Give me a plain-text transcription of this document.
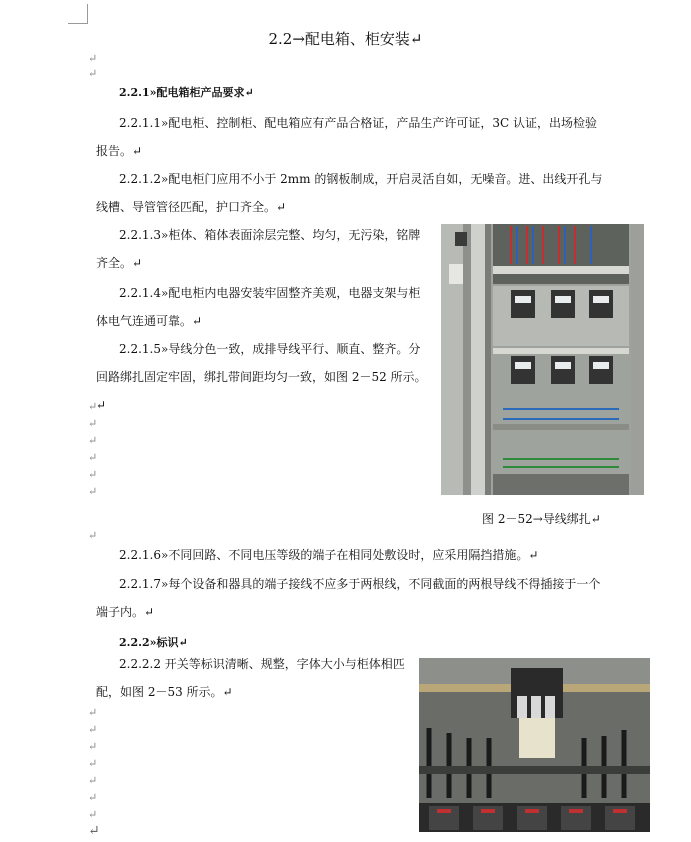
2.2→配电箱、柜安装↵
↵
↵
2.2.1»配电箱柜产品要求↵

2.2.1.1»配电柜、控制柜、配电箱应有产品合格证，产品生产许可证，3C 认证，出场检验报告。↵

2.2.1.2»配电柜门应用不小于 2mm 的钢板制成，开启灵活自如，无噪音。进、出线开孔与线槽、导管管径匹配，护口齐全。↵

2.2.1.3»柜体、箱体表面涂层完整、均匀，无污染，铭牌齐全。↵

2.2.1.4»配电柜内电器安装牢固整齐美观，电器支架与柜体电气连通可靠。↵

2.2.1.5»导线分色一致，成排导线平行、顺直、整齐。分回路绑扎固定牢固，绑扎带间距均匀一致，如图 2－52 所示。↵

↵
↵
↵
↵
↵
↵
图 2－52→导线绑扎↵
↵

2.2.1.6»不同回路、不同电压等级的端子在相同处敷设时，应采用隔挡措施。↵

2.2.1.7»每个设备和器具的端子接线不应多于两根线，不同截面的两根导线不得插接于一个端子内。↵

2.2.2»标识↵

2.2.2.2 开关等标识清晰、规整，字体大小与柜体相匹配，如图 2－53 所示。↵

↵
↵
↵
↵
↵
↵
↵
↵
